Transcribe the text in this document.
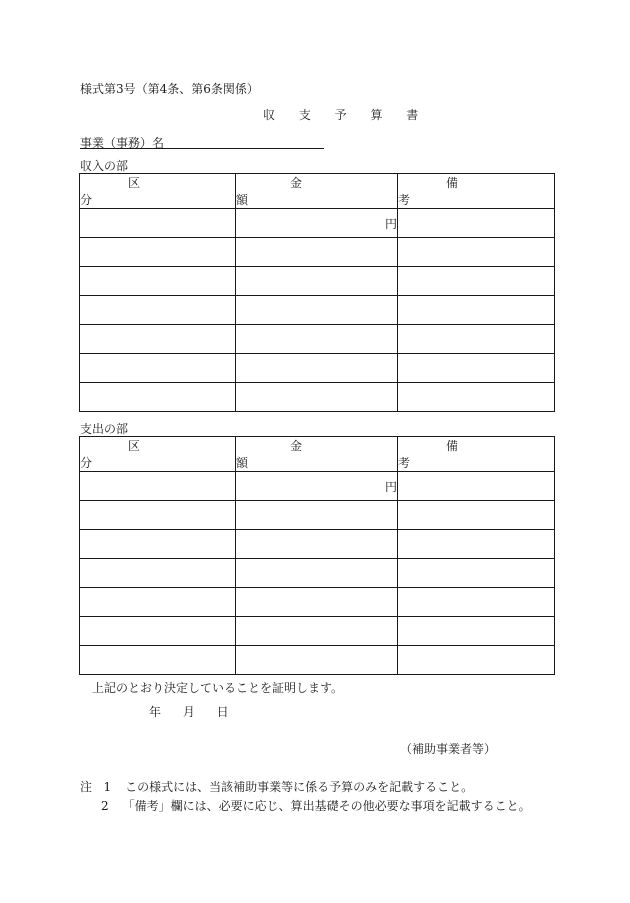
様式第3号（第4条、第6条関係）
収 支 予 算 書
事業（事務）名
収入の部
区 分	金 額	備 考
	円	

支出の部
区 分	金 額	備 考
	円	

上記のとおり決定していることを証明します。
年 月 日
（補助事業者等）
注 1 この様式には、当該補助事業等に係る予算のみを記載すること。
2 「備考」欄には、必要に応じ、算出基礎その他必要な事項を記載すること。
